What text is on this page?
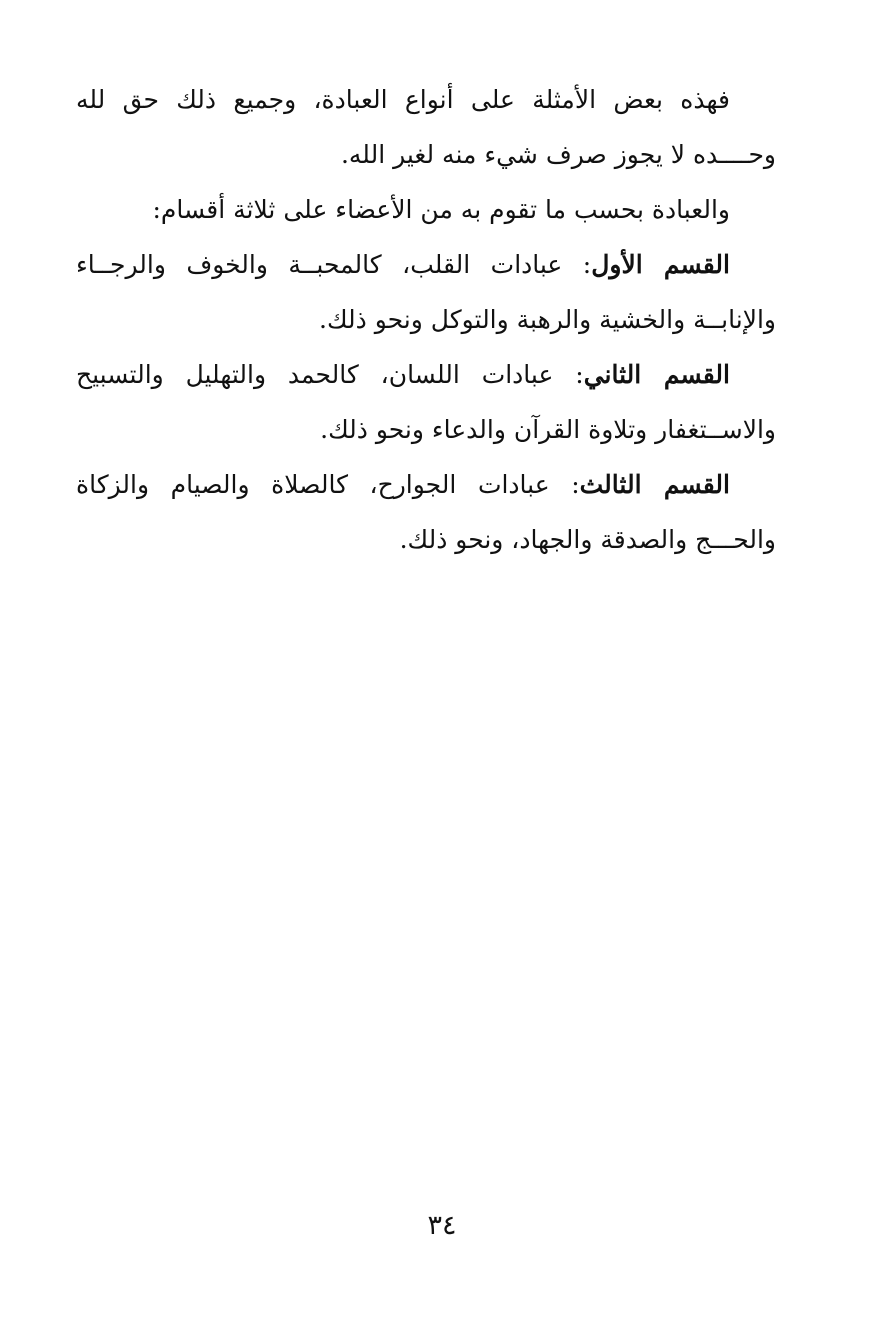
فهذه بعض الأمثلة على أنواع العبادة، وجميع ذلك حق لله وحــــده لا يجوز صرف شيء منه لغير الله.

والعبادة بحسب ما تقوم به من الأعضاء على ثلاثة أقسام:

القسم الأول: عبادات القلب، كالمحبــة والخوف والرجــاء والإنابــة والخشية والرهبة والتوكل ونحو ذلك.

القسم الثاني: عبادات اللسان، كالحمد والتهليل والتسبيح والاســتغفار وتلاوة القرآن والدعاء ونحو ذلك.

القسم الثالث: عبادات الجوارح، كالصلاة والصيام والزكاة والحـــج والصدقة والجهاد، ونحو ذلك.

٣٤
